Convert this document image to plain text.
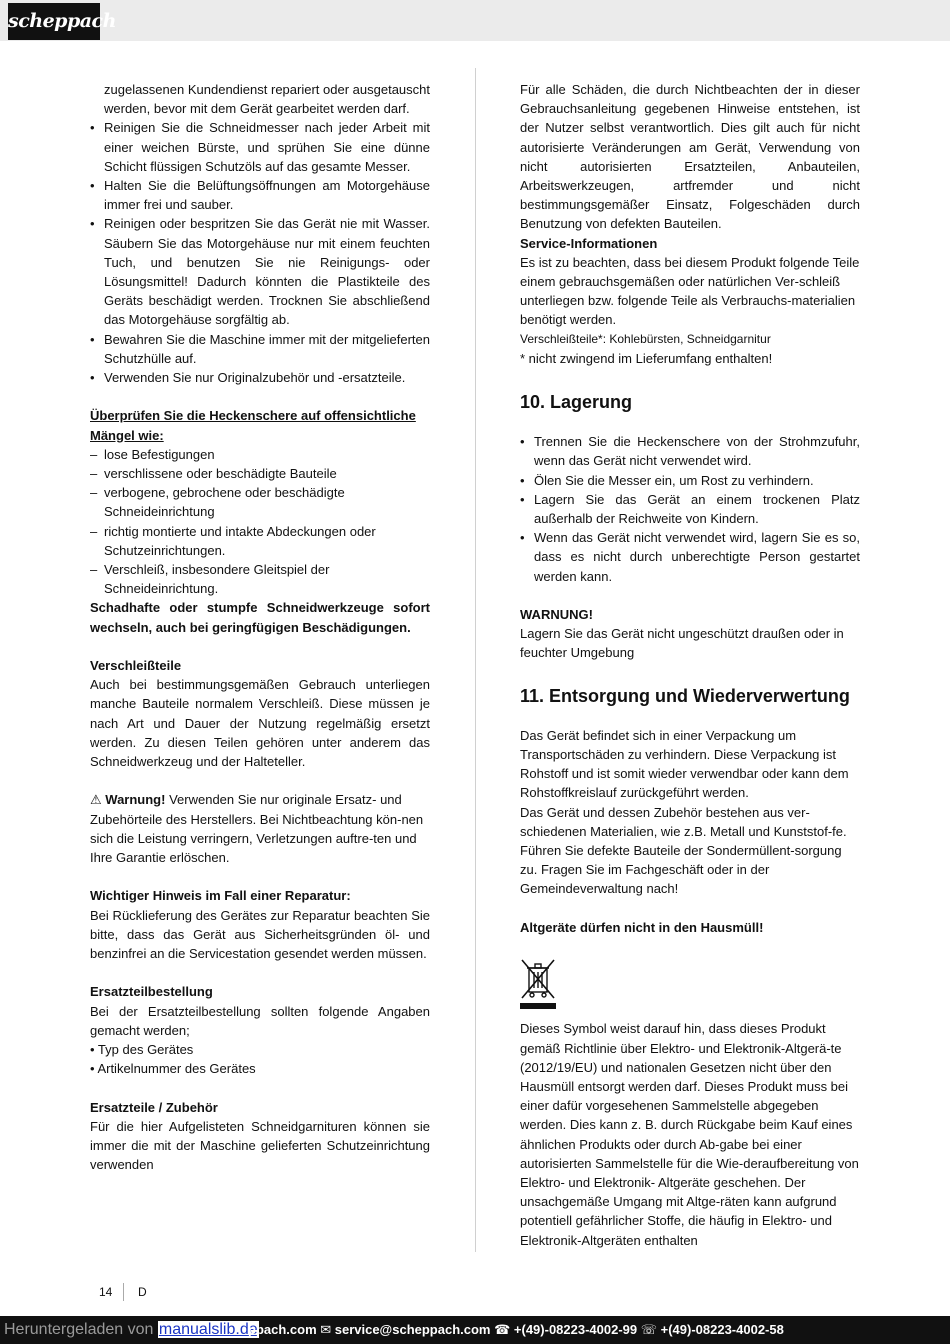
scheppach

zugelassenen Kundendienst repariert oder ausgetauscht werden, bevor mit dem Gerät gearbeitet werden darf.

• Reinigen Sie die Schneidmesser nach jeder Arbeit mit einer weichen Bürste, und sprühen Sie eine dünne Schicht flüssigen Schutzöls auf das gesamte Messer.
• Halten Sie die Belüftungsöffnungen am Motorgehäuse immer frei und sauber.
• Reinigen oder bespritzen Sie das Gerät nie mit Wasser. Säubern Sie das Motorgehäuse nur mit einem feuchten Tuch, und benutzen Sie nie Reinigungs- oder Lösungsmittel! Dadurch könnten die Plastikteile des Geräts beschädigt werden. Trocknen Sie abschließend das Motorgehäuse sorgfältig ab.
• Bewahren Sie die Maschine immer mit der mitgelieferten Schutzhülle auf.
• Verwenden Sie nur Originalzubehör und -ersatzteile.

Überprüfen Sie die Heckenschere auf offensichtliche Mängel wie:

– lose Befestigungen
– verschlissene oder beschädigte Bauteile
– verbogene, gebrochene oder beschädigte Schneideinrichtung
– richtig montierte und intakte Abdeckungen oder Schutzeinrichtungen.
– Verschleiß, insbesondere Gleitspiel der Schneideinrichtung.

Schadhafte oder stumpfe Schneidwerkzeuge sofort wechseln, auch bei geringfügigen Beschädigungen.

Verschleißteile

Auch bei bestimmungsgemäßen Gebrauch unterliegen manche Bauteile normalem Verschleiß. Diese müssen je nach Art und Dauer der Nutzung regelmäßig ersetzt werden. Zu diesen Teilen gehören unter anderem das Schneidwerkzeug und der Halteteller.

⚠ Warnung! Verwenden Sie nur originale Ersatz- und Zubehörteile des Herstellers. Bei Nichtbeachtung kön-nen sich die Leistung verringern, Verletzungen auftre-ten und Ihre Garantie erlöschen.

Wichtiger Hinweis im Fall einer Reparatur:

Bei Rücklieferung des Gerätes zur Reparatur beachten Sie bitte, dass das Gerät aus Sicherheitsgründen öl- und benzinfrei an die Servicestation gesendet werden müssen.

Ersatzteilbestellung

Bei der Ersatzteilbestellung sollten folgende Angaben gemacht werden;

• Typ des Gerätes

• Artikelnummer des Gerätes

Ersatzteile / Zubehör

Für die hier Aufgelisteten Schneidgarnituren können sie immer die mit der Maschine gelieferten Schutzeinrichtung verwenden

Für alle Schäden, die durch Nichtbeachten der in dieser Gebrauchsanleitung gegebenen Hinweise entstehen, ist der Nutzer selbst verantwortlich. Dies gilt auch für nicht autorisierte Veränderungen am Gerät, Verwendung von nicht autorisierten Ersatzteilen, Anbauteilen, Arbeitswerkzeugen, artfremder und nicht bestimmungsgemäßer Einsatz, Folgeschäden durch Benutzung von defekten Bauteilen.

Service-Informationen

Es ist zu beachten, dass bei diesem Produkt folgende Teile einem gebrauchsgemäßen oder natürlichen Ver-schleiß unterliegen bzw. folgende Teile als Verbrauchs-materialien benötigt werden.

Verschleißteile*: Kohlebürsten, Schneidgarnitur

* nicht zwingend im Lieferumfang enthalten!

10. Lagerung
• Trennen Sie die Heckenschere von der Strohmzufuhr, wenn das Gerät nicht verwendet wird.
• Ölen Sie die Messer ein, um Rost zu verhindern.
• Lagern Sie das Gerät an einem trockenen Platz außerhalb der Reichweite von Kindern.
• Wenn das Gerät nicht verwendet wird, lagern Sie es so, dass es nicht durch unberechtigte Person gestartet werden kann.

WARNUNG!

Lagern Sie das Gerät nicht ungeschützt draußen oder in feuchter Umgebung

11. Entsorgung und Wiederverwertung

Das Gerät befindet sich in einer Verpackung um Transportschäden zu verhindern. Diese Verpackung ist Rohstoff und ist somit wieder verwendbar oder kann dem Rohstoffkreislauf zurückgeführt werden.

Das Gerät und dessen Zubehör bestehen aus ver-schiedenen Materialien, wie z.B. Metall und Kunststof-fe. Führen Sie defekte Bauteile der Sondermüllent-sorgung zu. Fragen Sie im Fachgeschäft oder in der Gemeindeverwaltung nach!

Altgeräte dürfen nicht in den Hausmüll!

Dieses Symbol weist darauf hin, dass dieses Produkt gemäß Richtlinie über Elektro- und Elektronik-Altgerä-te (2012/19/EU) und nationalen Gesetzen nicht über den Hausmüll entsorgt werden darf. Dieses Produkt muss bei einer dafür vorgesehenen Sammelstelle abgegeben werden. Dies kann z. B. durch Rückgabe beim Kauf eines ähnlichen Produkts oder durch Ab-gabe bei einer autorisierten Sammelstelle für die Wie-deraufbereitung von Elektro- und Elektronik- Altgeräte geschehen. Der unsachgemäße Umgang mit Altge-räten kann aufgrund potentiell gefährlicher Stoffe, die häufig in Elektro- und Elektronik-Altgeräten enthalten

14 D
Heruntergeladen von manualslib.de
ppach.com ✉ service@scheppach.com ☎ +(49)-08223-4002-99 ☏ +(49)-08223-4002-58
